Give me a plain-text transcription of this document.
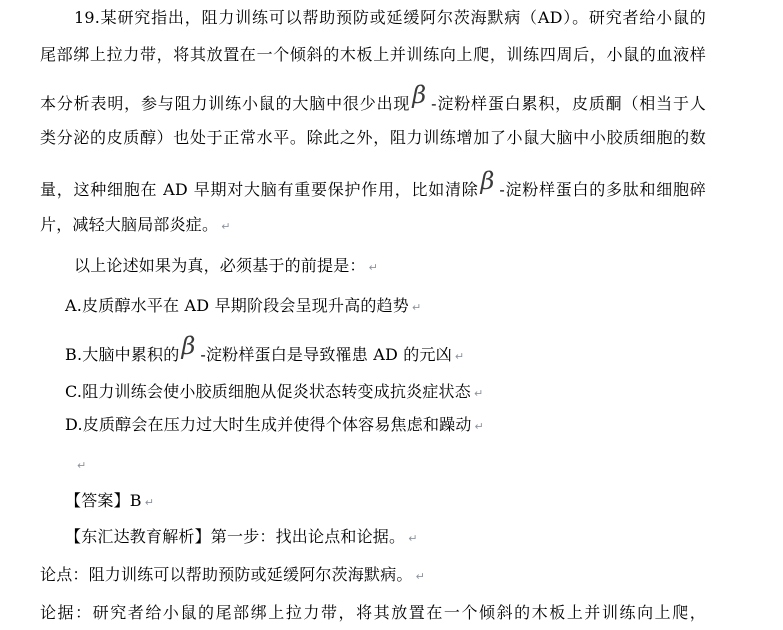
19.某研究指出，阻力训练可以帮助预防或延缓阿尔茨海默病（AD）。研究者给小鼠的
尾部绑上拉力带，将其放置在一个倾斜的木板上并训练向上爬，训练四周后，小鼠的血液样
本分析表明，参与阻力训练小鼠的大脑中很少出现β -淀粉样蛋白累积，皮质酮（相当于人
类分泌的皮质醇）也处于正常水平。除此之外，阻力训练增加了小鼠大脑中小胶质细胞的数
量，这种细胞在 AD 早期对大脑有重要保护作用，比如清除β -淀粉样蛋白的多肽和细胞碎
片，减轻大脑局部炎症。 ↵
以上论述如果为真，必须基于的前提是： ↵
A.皮质醇水平在 AD 早期阶段会呈现升高的趋势 ↵
B.大脑中累积的β -淀粉样蛋白是导致罹患 AD 的元凶 ↵
C.阻力训练会使小胶质细胞从促炎状态转变成抗炎症状态 ↵
D.皮质醇会在压力过大时生成并使得个体容易焦虑和躁动 ↵
↵
【答案】B ↵
【东汇达教育解析】第一步：找出论点和论据。 ↵
论点：阻力训练可以帮助预防或延缓阿尔茨海默病。 ↵
论据：研究者给小鼠的尾部绑上拉力带，将其放置在一个倾斜的木板上并训练向上爬，
